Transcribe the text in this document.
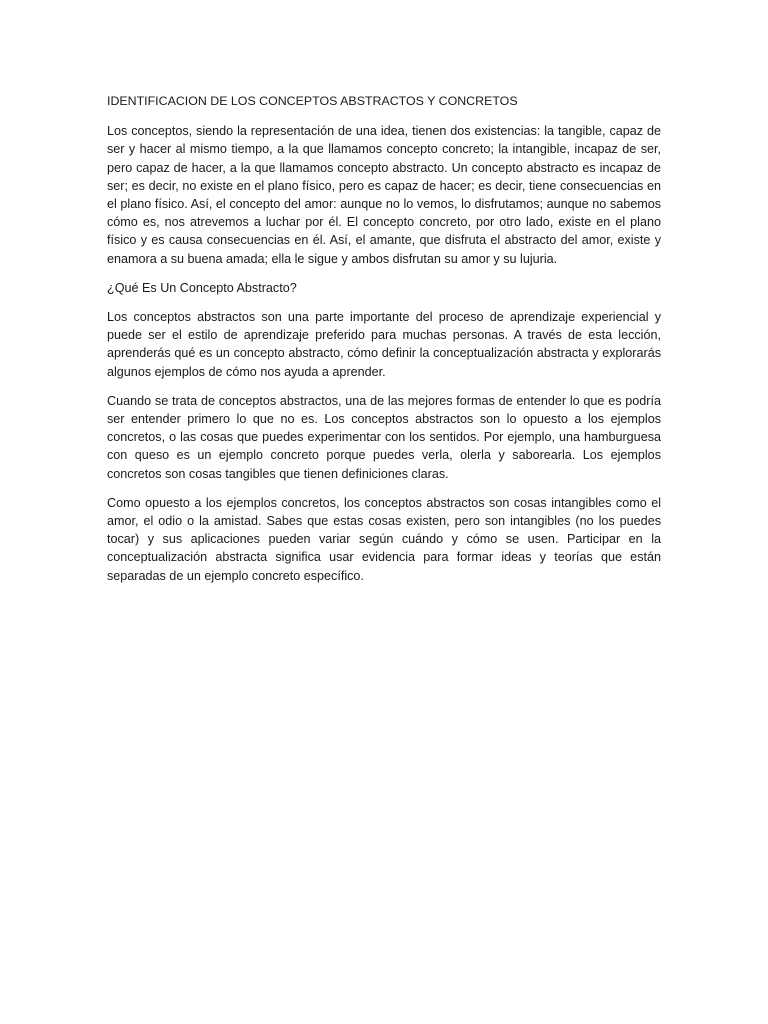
IDENTIFICACION DE LOS CONCEPTOS ABSTRACTOS Y CONCRETOS

Los conceptos, siendo la representación de una idea, tienen dos existencias: la tangible, capaz de ser y hacer al mismo tiempo, a la que llamamos concepto concreto; la intangible, incapaz de ser, pero capaz de hacer, a la que llamamos concepto abstracto. Un concepto abstracto es incapaz de ser; es decir, no existe en el plano físico, pero es capaz de hacer; es decir, tiene consecuencias en el plano físico. Así, el concepto del amor: aunque no lo vemos, lo disfrutamos; aunque no sabemos cómo es, nos atrevemos a luchar por él. El concepto concreto, por otro lado, existe en el plano físico y es causa consecuencias en él. Así, el amante, que disfruta el abstracto del amor, existe y enamora a su buena amada; ella le sigue y ambos disfrutan su amor y su lujuria.

¿Qué Es Un Concepto Abstracto?

Los conceptos abstractos son una parte importante del proceso de aprendizaje experiencial y puede ser el estilo de aprendizaje preferido para muchas personas. A través de esta lección, aprenderás qué es un concepto abstracto, cómo definir la conceptualización abstracta y explorarás algunos ejemplos de cómo nos ayuda a aprender.

Cuando se trata de conceptos abstractos, una de las mejores formas de entender lo que es podría ser entender primero lo que no es. Los conceptos abstractos son lo opuesto a los ejemplos concretos, o las cosas que puedes experimentar con los sentidos. Por ejemplo, una hamburguesa con queso es un ejemplo concreto porque puedes verla, olerla y saborearla. Los ejemplos concretos son cosas tangibles que tienen definiciones claras.

Como opuesto a los ejemplos concretos, los conceptos abstractos son cosas intangibles como el amor, el odio o la amistad. Sabes que estas cosas existen, pero son intangibles (no los puedes tocar) y sus aplicaciones pueden variar según cuándo y cómo se usen. Participar en la conceptualización abstracta significa usar evidencia para formar ideas y teorías que están separadas de un ejemplo concreto específico.
